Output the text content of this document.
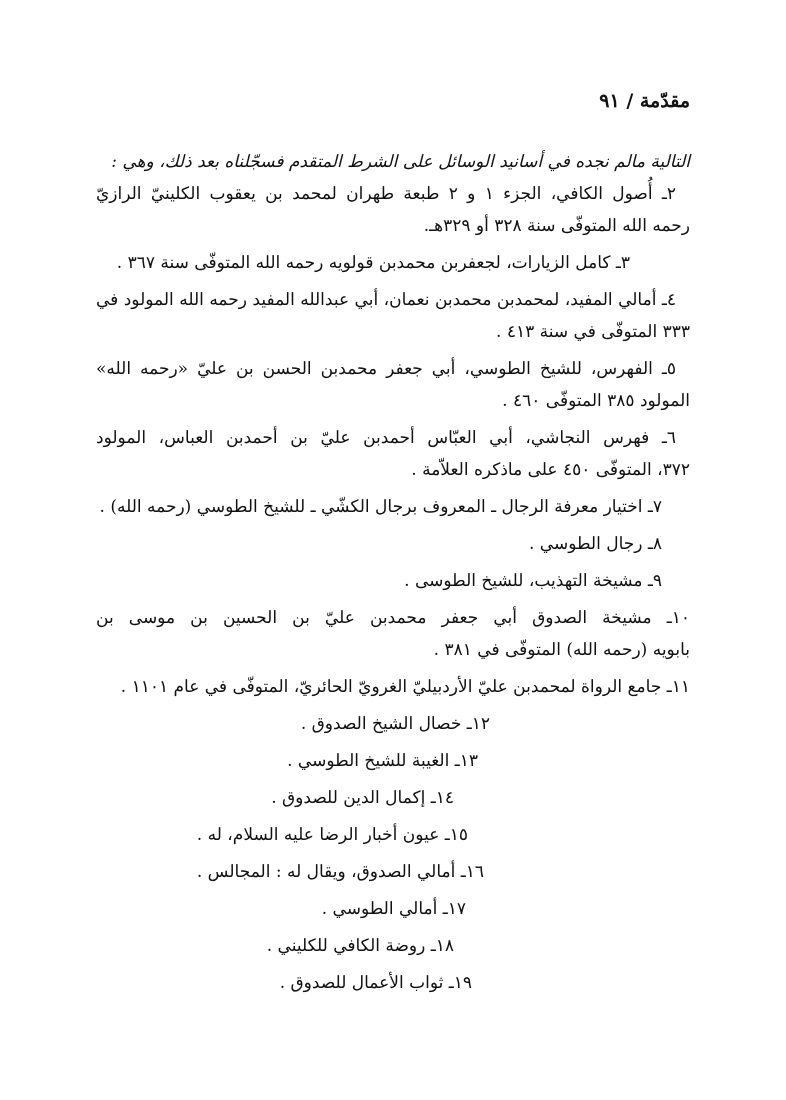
مقدّمة / ٩١

التالية مالم نجده في أسانيد الوسائل على الشرط المتقدم فسجّلناه بعد ذلك، وهي :

٢ـ أُصول الكافي، الجزء ١ و ٢ طبعة طهران لمحمد بن يعقوب الكلينيّ الرازيّ

رحمه الله المتوفّى سنة ٣٢٨ أو ٣٢٩هـ.

٣ـ كامل الزيارات، لجعفربن محمدبن قولويه رحمه الله المتوفّى سنة ٣٦٧ .

٤ـ أمالي المفيد، لمحمدبن محمدبن نعمان، أبي عبدالله المفيد رحمه الله المولود في

٣٣٣ المتوفّى في سنة ٤١٣ .

٥ـ الفهرس، للشيخ الطوسي، أبي جعفر محمدبن الحسن بن عليّ «رحمه الله»

المولود ٣٨٥ المتوفّى ٤٦٠ .

٦ـ فهرس النجاشي، أبي العبّاس أحمدبن عليّ بن أحمدبن العباس، المولود

٣٧٢، المتوفّى ٤٥٠ على ماذكره العلاّمة .

٧ـ اختيار معرفة الرجال ـ المعروف برجال الكشّي ـ للشيخ الطوسي (رحمه الله) .

٨ـ رجال الطوسي .

٩ـ مشيخة التهذيب، للشيخ الطوسى .

١٠ـ مشيخة الصدوق أبي جعفر محمدبن عليّ بن الحسين بن موسى بن

بابويه (رحمه الله) المتوفّى في ٣٨١ .

١١ـ جامع الرواة لمحمدبن عليّ الأردبيليّ الغرويّ الحائريّ، المتوفّى في عام ١١٠١ .

١٢ـ خصال الشيخ الصدوق .

١٣ـ الغيبة للشيخ الطوسي .

١٤ـ إكمال الدين للصدوق .

١٥ـ عيون أخبار الرضا عليه السلام، له .

١٦ـ أمالي الصدوق، ويقال له : المجالس .

١٧ـ أمالي الطوسي .

١٨ـ روضة الكافي للكليني .

١٩ـ ثواب الأعمال للصدوق .
